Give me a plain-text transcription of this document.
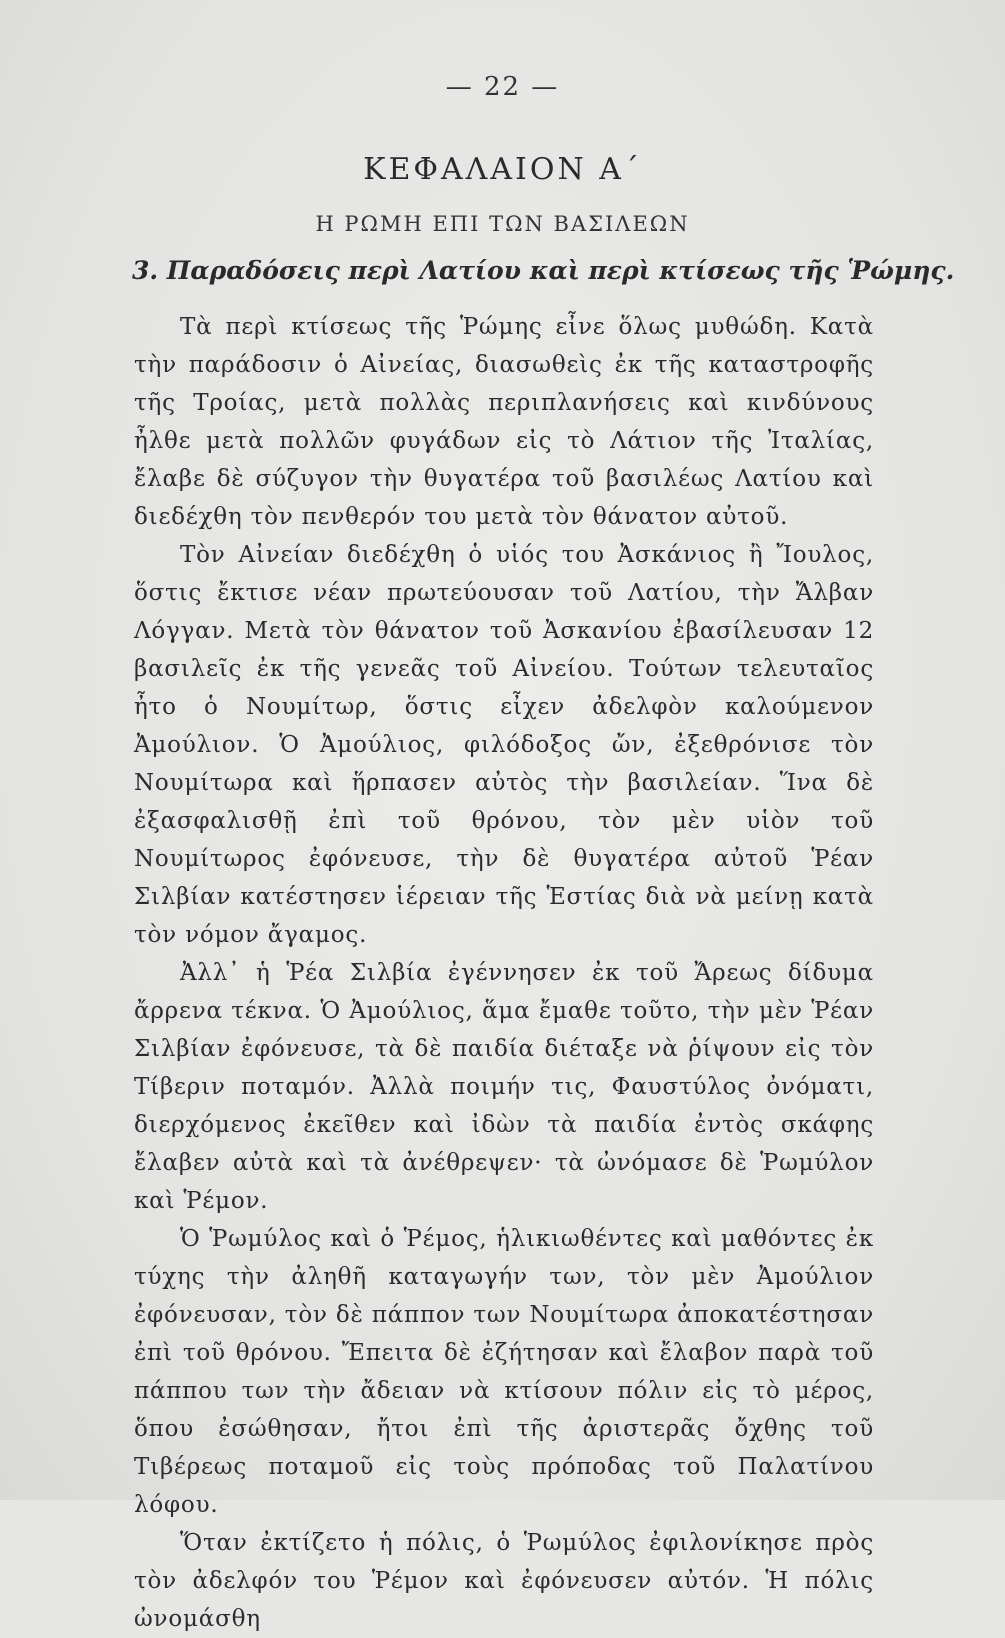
— 22 —
ΚΕΦΑΛΑΙΟΝ Α΄
Η ΡΩΜΗ ΕΠΙ ΤΩΝ ΒΑΣΙΛΕΩΝ
3. Παραδόσεις περὶ Λατίου καὶ περὶ κτίσεως τῆς Ῥώμης.

Τὰ περὶ κτίσεως τῆς Ῥώμης εἶνε ὅλως μυθώδη. Κατὰ τὴν παράδοσιν ὁ Αἰνείας, διασωθεὶς ἐκ τῆς καταστροφῆς τῆς Τροίας, μετὰ πολλὰς περιπλανήσεις καὶ κινδύνους ἦλθε μετὰ πολλῶν φυγάδων εἰς τὸ Λάτιον τῆς Ἰταλίας, ἔλαβε δὲ σύζυγον τὴν θυγατέρα τοῦ βασιλέως Λατίου καὶ διεδέχθη τὸν πενθερόν του μετὰ τὸν θάνατον αὐτοῦ.

Τὸν Αἰνείαν διεδέχθη ὁ υἱός του Ἀσκάνιος ἢ Ἴουλος, ὅστις ἔκτισε νέαν πρωτεύουσαν τοῦ Λατίου, τὴν Ἄλβαν Λόγγαν. Μετὰ τὸν θάνατον τοῦ Ἀσκανίου ἐβασίλευσαν 12 βασιλεῖς ἐκ τῆς γενεᾶς τοῦ Αἰνείου. Τούτων τελευταῖος ἦτο ὁ Νουμίτωρ, ὅστις εἶχεν ἀδελφὸν καλούμενον Ἀμούλιον. Ὁ Ἀμούλιος, φιλόδοξος ὤν, ἐξεθρόνισε τὸν Νουμίτωρα καὶ ἥρπασεν αὐτὸς τὴν βασιλείαν. Ἵνα δὲ ἐξασφαλισθῇ ἐπὶ τοῦ θρόνου, τὸν μὲν υἱὸν τοῦ Νουμίτωρος ἐφόνευσε, τὴν δὲ θυγατέρα αὐτοῦ Ῥέαν Σιλβίαν κατέστησεν ἱέρειαν τῆς Ἑστίας διὰ νὰ μείνῃ κατὰ τὸν νόμον ἄγαμος.

Ἀλλ᾽ ἡ Ῥέα Σιλβία ἐγέννησεν ἐκ τοῦ Ἄρεως δίδυμα ἄρρενα τέκνα. Ὁ Ἀμούλιος, ἅμα ἔμαθε τοῦτο, τὴν μὲν Ῥέαν Σιλβίαν ἐφόνευσε, τὰ δὲ παιδία διέταξε νὰ ῥίψουν εἰς τὸν Τίβεριν ποταμόν. Ἀλλὰ ποιμήν τις, Φαυστύλος ὀνόματι, διερχόμενος ἐκεῖθεν καὶ ἰδὼν τὰ παιδία ἐντὸς σκάφης ἔλαβεν αὐτὰ καὶ τὰ ἀνέθρεψεν· τὰ ὠνόμασε δὲ Ῥωμύλον καὶ Ῥέμον.

Ὁ Ῥωμύλος καὶ ὁ Ῥέμος, ἡλικιωθέντες καὶ μαθόντες ἐκ τύχης τὴν ἀληθῆ καταγωγήν των, τὸν μὲν Ἀμούλιον ἐφόνευσαν, τὸν δὲ πάππον των Νουμίτωρα ἀποκατέστησαν ἐπὶ τοῦ θρόνου. Ἔπειτα δὲ ἐζήτησαν καὶ ἔλαβον παρὰ τοῦ πάππου των τὴν ἄδειαν νὰ κτίσουν πόλιν εἰς τὸ μέρος, ὅπου ἐσώθησαν, ἤτοι ἐπὶ τῆς ἀριστερᾶς ὄχθης τοῦ Τιβέρεως ποταμοῦ εἰς τοὺς πρόποδας τοῦ Παλατίνου λόφου.

Ὅταν ἐκτίζετο ἡ πόλις, ὁ Ῥωμύλος ἐφιλονίκησε πρὸς τὸν ἀδελφόν του Ῥέμον καὶ ἐφόνευσεν αὐτόν. Ἡ πόλις ὠνομάσθη
